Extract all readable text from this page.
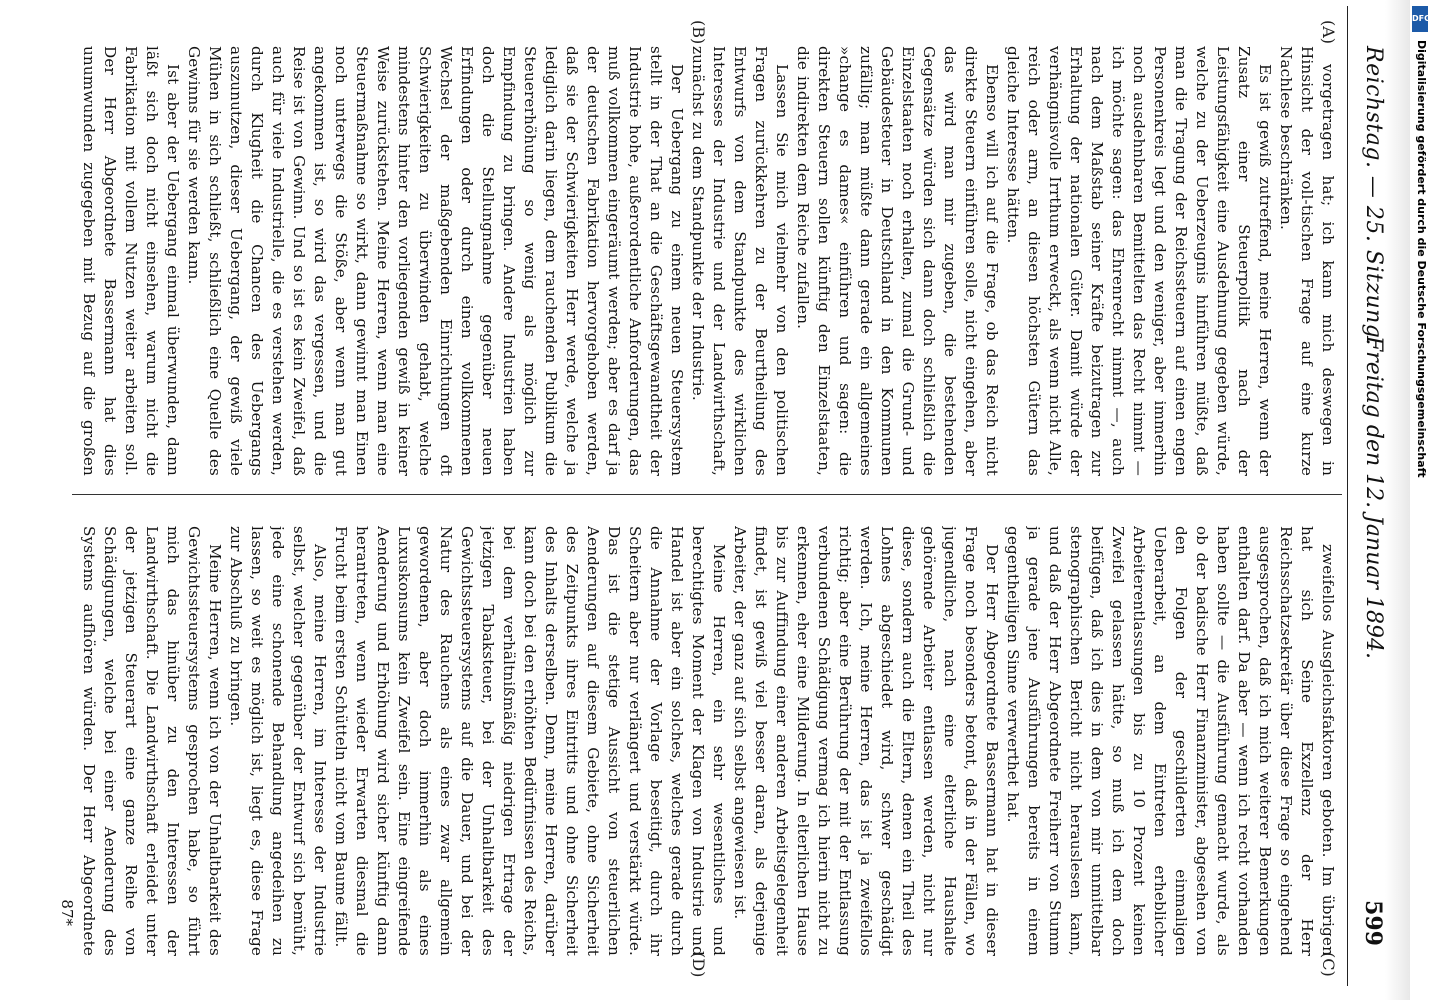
Reichstag. — 25. Sitzung.
Freitag den 12. Januar 1894.
599

vorgetragen hat; ich kann mich deswegen in Hinsicht der voll-tischen Frage auf eine kurze Nachlese beschränken.

Es ist gewiß zutreffend, meine Herren, wenn der Zusatz einer Steuerpolitik nach der Leistungsfähigkeit eine Ausdehnung gegeben würde, welche zu der Ueberzeugnis hinführen müßte, daß man die Tragung der Reichssteuern auf einen engen Personenkreis legt und den weniger, aber immerhin noch ausdehnbaren Bemittelten das Recht nimmt — ich möchte sagen: das Ehrenrecht nimmt —, auch nach dem Maßstab seiner Kräfte beizutragen zur Erhaltung der nationalen Güter. Damit würde der verhängnisvolle Irrthum erweckt, als wenn nicht Alle, reich oder arm, an diesen höchsten Gütern das gleiche Interesse hätten.

Ebenso will ich auf die Frage, ob das Reich nicht direkte Steuern einführen solle, nicht eingehen, aber das wird man mir zugeben, die bestehenden Gegensätze würden sich dann doch schließlich die Einzelstaaten noch erhalten, zumal die Grund- und Gebäudesteuer in Deutschland in den Kommunen zufällig; man müßte dann gerade ein allgemeines »change es dames« einführen und sagen: die direkten Steuern sollen künftig den Einzelstaaten, die indirekten dem Reiche zufallen.

Lassen Sie mich vielmehr von den politischen Fragen zurückkehren zu der Beurtheilung des Entwurfs von dem Standpunkte des wirklichen Interesses der Industrie und der Landwirthschaft, zunächst zu dem Standpunkte der Industrie.

Der Uebergang zu einem neuen Steuersystem stellt in der That an die Geschäftsgewandtheit der Industrie hohe, außerordentliche Anforderungen, das muß vollkommen eingeräumt werden; aber es darf ja der deutschen Fabrikation hervorgehoben werden, daß sie der Schwierigkeiten Herr werde, welche ja lediglich darin liegen, dem rauchenden Publikum die Steuererhöhung so wenig als möglich zur Empfindung zu bringen. Andere Industrien haben doch die Stellungnahme gegenüber neuen Erfindungen oder durch einen vollkommenen Wechsel der maßgebenden Einrichtungen oft Schwierigkeiten zu überwinden gehabt, welche mindestens hinter den vorliegenden gewiß in keiner Weise zurückstehen. Meine Herren, wenn man eine Steuermaßnahme so wirkt, dann gewinnt man Einen noch unterwegs die Stöße, aber wenn man gut angekommen ist, so wird das vergessen, und die Reise ist von Gewinn. Und so ist es kein Zweifel, daß auch für viele Industrielle, die es verstehen werden, durch Klugheit die Chancen des Uebergangs auszunutzen, dieser Uebergang, der gewiß viele Mühen in sich schließt, schließlich eine Quelle des Gewinns für sie werden kann.

Ist aber der Uebergang einmal überwunden, dann läßt sich doch nicht einsehen, warum nicht die Fabrikation mit vollem Nutzen weiter arbeiten soll. Der Herr Abgeordnete Bassermann hat dies unumwunden zugegeben mit Bezug auf die großen

zweifellos Ausgleichsfaktoren geboten. Im übrigen hat sich Seine Exzellenz der Herr Reichsschatzsekretär über diese Frage so eingehend ausgesprochen, daß ich mich weiterer Bemerkungen enthalten darf. Da aber — wenn ich recht vorhanden haben sollte — die Ausführung gemacht wurde, als ob der badische Herr Finanzminister, abgesehen von den Folgen der geschilderten einmaligen Ueberarbeit, an dem Eintreten erheblicher Arbeiterentlassungen bis zu 10 Prozent keinen Zweifel gelassen hätte, so muß ich dem doch beifügen, daß ich dies in dem von mir unmittelbar stenographischen Bericht nicht herauslesen kann, und daß der Herr Abgeordnete Freiherr von Stumm ja gerade jene Ausführungen bereits in einem gegentheiligen Sinne verwerthet hat.

Der Herr Abgeordnete Bassermann hat in dieser Frage noch besonders betont, daß in der Fällen, wo jugendliche, nach eine elterliche Haushalte gehörende Arbeiter entlassen werden, nicht nur diese, sondern auch die Eltern, denen ein Theil des Lohnes abgeschiedet wird, schwer geschädigt werden. Ich, meine Herren, das ist ja zweifellos richtig; aber eine Berührung der mit der Entlassung verbundenen Schädigung vermag ich hierin nicht zu erkennen, eher eine Milderung. In elterlichen Hause bis zur Auffindung einer anderen Arbeitsgelegenheit findet, ist gewiß viel besser daran, als derjenige Arbeiter, der ganz auf sich selbst angewiesen ist.

Meine Herren, ein sehr wesentliches und berechtigtes Moment der Klagen von Industrie und Handel ist aber ein solches, welches gerade durch die Annahme der Vorlage beseitigt, durch ihr Scheitern aber nur verlängert und verstärkt würde. Das ist die stetige Aussicht von steuerlichen Aenderungen auf diesem Gebiete, ohne Sicherheit des Zeitpunkts ihres Eintritts und ohne Sicherheit des Inhalts derselben. Denn, meine Herren, darüber kann doch bei den erhöhten Bedürfnissen des Reichs, bei dem verhältnißmäßig niedrigen Ertrage der jetzigen Tabaksteuer, bei der Unhaltbarkeit des Gewichtssteuersystems auf die Dauer, und bei der Natur des Rauchens als eines zwar allgemein gewordenen, aber doch immerhin als eines Luxuskonsums kein Zweifel sein. Eine eingreifende Aenderung und Erhöhung wird sicher künftig dann herantreten, wenn wieder Erwarten diesmal die Frucht beim ersten Schütteln nicht vom Baume fällt.

Also, meine Herren, im Interesse der Industrie selbst, welcher gegenüber der Entwurf sich bemüht, jede eine schonende Behandlung angedeihen zu lassen, so weit es möglich ist, liegt es, diese Frage zur Abschluß zu bringen.

Meine Herren, wenn ich von der Unhaltbarkeit des Gewichtssteuersystems gesprochen habe, so führt mich das hinüber zu den Interessen der Landwirthschaft. Die Landwirthschaft erleidet unter der jetzigen Steuerart eine ganze Reihe von Schädigungen, welche bei einer Aenderung des Systems aufhören würden. Der Herr Abgeordnete

(A)
(B)
(C)
(D)
87*
Digitalisierung gefördert durch die Deutsche Forschungsgemeinschaft
DFG
